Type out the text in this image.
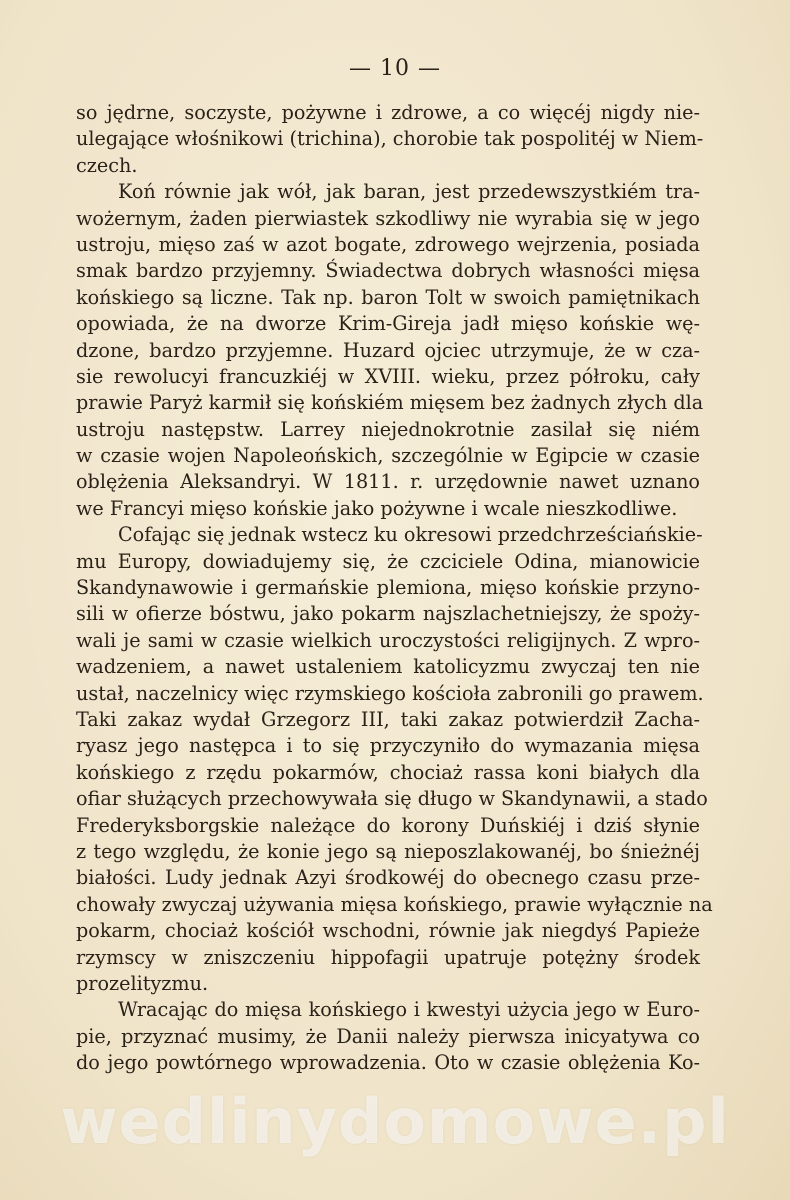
— 10 —
so jędrne, soczyste, pożywne i zdrowe, a co więcéj nigdy nie-
ulegające włośnikowi (trichina), chorobie tak pospolitéj w Niem-
czech.
Koń równie jak wół, jak baran, jest przedewszystkiém tra-
wożernym, żaden pierwiastek szkodliwy nie wyrabia się w jego
ustroju, mięso zaś w azot bogate, zdrowego wejrzenia, posiada
smak bardzo przyjemny. Świadectwa dobrych własności mięsa
końskiego są liczne. Tak np. baron Tolt w swoich pamiętnikach
opowiada, że na dworze Krim-Gireja jadł mięso końskie wę-
dzone, bardzo przyjemne. Huzard ojciec utrzymuje, że w cza-
sie rewolucyi francuzkiéj w XVIII. wieku, przez półroku, cały
prawie Paryż karmił się końskiém mięsem bez żadnych złych dla
ustroju następstw. Larrey niejednokrotnie zasilał się niém
w czasie wojen Napoleońskich, szczególnie w Egipcie w czasie
oblężenia Aleksandryi. W 1811. r. urzędownie nawet uznano
we Francyi mięso końskie jako pożywne i wcale nieszkodliwe.
Cofając się jednak wstecz ku okresowi przedchrześciańskie-
mu Europy, dowiadujemy się, że czciciele Odina, mianowicie
Skandynawowie i germańskie plemiona, mięso końskie przyno-
sili w ofierze bóstwu, jako pokarm najszlachetniejszy, że spoży-
wali je sami w czasie wielkich uroczystości religijnych. Z wpro-
wadzeniem, a nawet ustaleniem katolicyzmu zwyczaj ten nie
ustał, naczelnicy więc rzymskiego kościoła zabronili go prawem.
Taki zakaz wydał Grzegorz III, taki zakaz potwierdził Zacha-
ryasz jego następca i to się przyczyniło do wymazania mięsa
końskiego z rzędu pokarmów, chociaż rassa koni białych dla
ofiar służących przechowywała się długo w Skandynawii, a stado
Frederyksborgskie należące do korony Duńskiéj i dziś słynie
z tego względu, że konie jego są nieposzlakowanéj, bo śnieżnéj
białości. Ludy jednak Azyi środkowéj do obecnego czasu prze-
chowały zwyczaj używania mięsa końskiego, prawie wyłącznie na
pokarm, chociaż kościół wschodni, równie jak niegdyś Papieże
rzymscy w zniszczeniu hippofagii upatruje potężny środek
prozelityzmu.
Wracając do mięsa końskiego i kwestyi użycia jego w Euro-
pie, przyznać musimy, że Danii należy pierwsza inicyatywa co
do jego powtórnego wprowadzenia. Oto w czasie oblężenia Ko-
wedlinydomowe.pl
